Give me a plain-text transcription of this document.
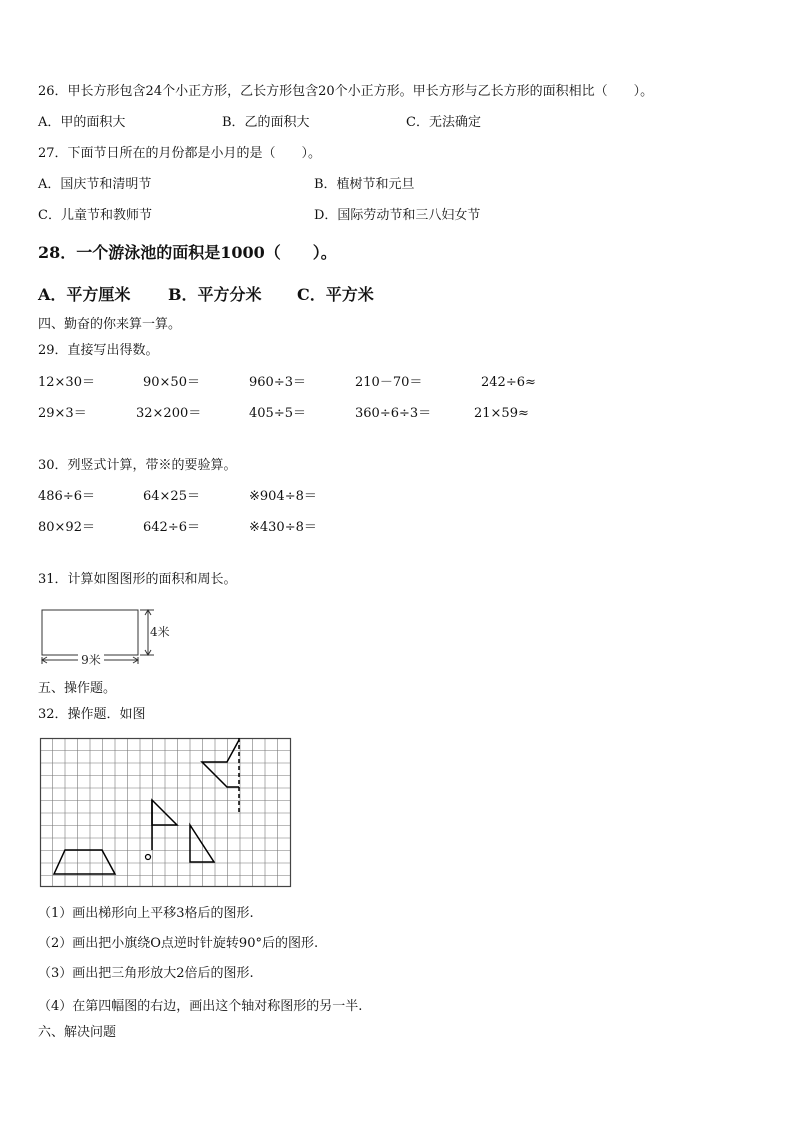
26．甲长方形包含24个小正方形，乙长方形包含20个小正方形。甲长方形与乙长方形的面积相比（　　）。
A．甲的面积大	B．乙的面积大	C．无法确定
27．下面节日所在的月份都是小月的是（　　）。
A．国庆节和清明节	B．植树节和元旦
C．儿童节和教师节	D．国际劳动节和三八妇女节
28．一个游泳池的面积是1000（　　）。
A．平方厘米 B．平方分米 C．平方米
四、勤奋的你来算一算。
29．直接写出得数。
12×30＝	90×50＝	960÷3＝	210－70＝	242÷6≈
29×3＝	32×200＝	405÷5＝	360÷6÷3＝	21×59≈
30．列竖式计算，带※的要验算。
486÷6＝	64×25＝	※904÷8＝
80×92＝	642÷6＝	※430÷8＝
31．计算如图图形的面积和周长。
9米
4米
五、操作题。
32．操作题．如图
（1）画出梯形向上平移3格后的图形.
（2）画出把小旗绕O点逆时针旋转90°后的图形.
（3）画出把三角形放大2倍后的图形.
（4）在第四幅图的右边，画出这个轴对称图形的另一半.
六、解决问题
